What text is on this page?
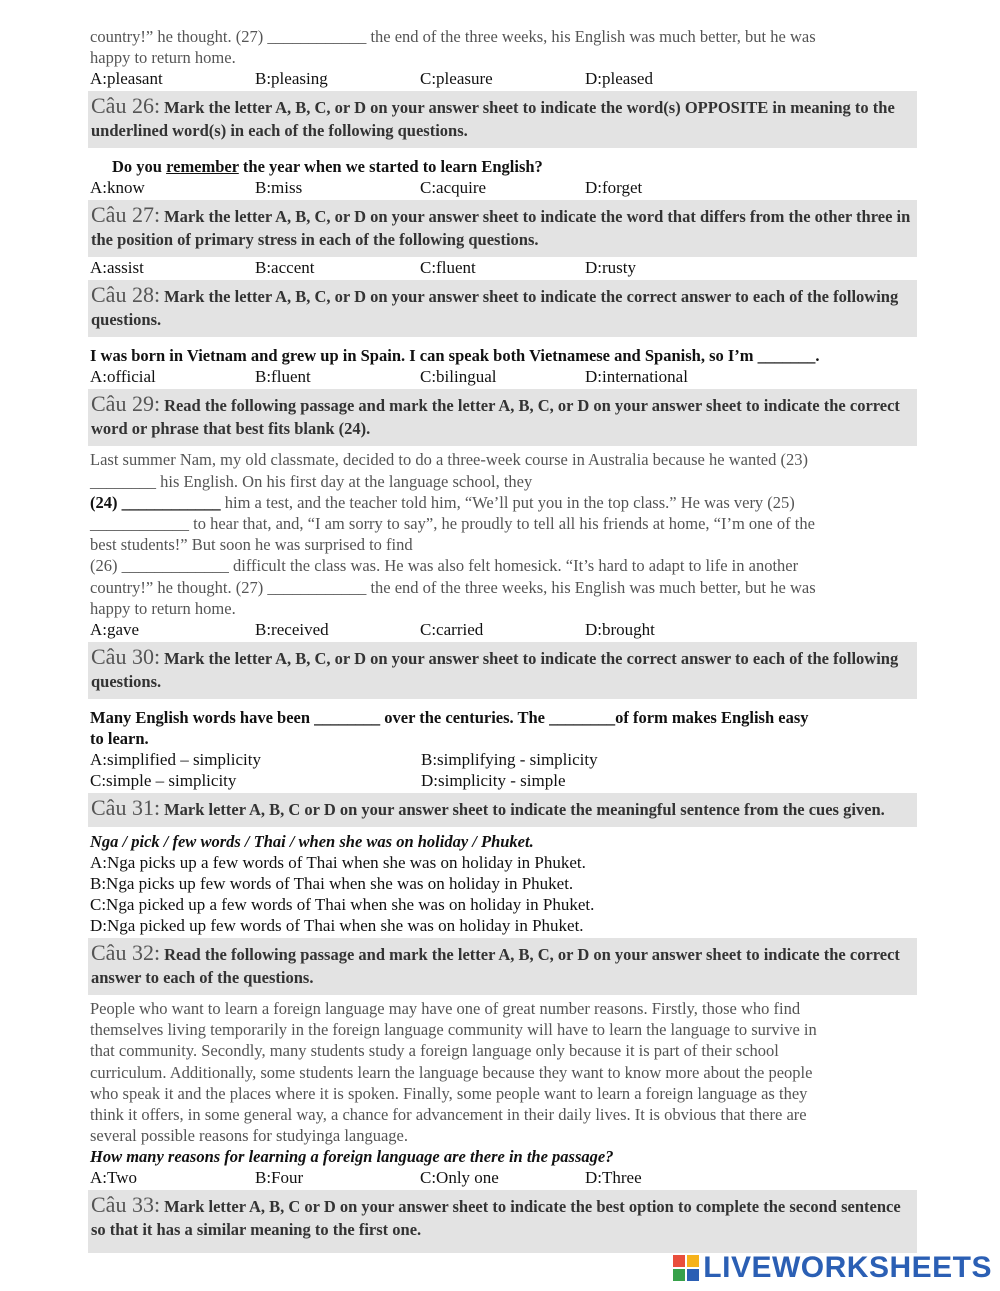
country!” he thought. (27) ____________ the end of the three weeks, his English was much better, but he was
happy to return home.
A:pleasant	B:pleasing	C:pleasure	D:pleased
Câu 26: Mark the letter A, B, C, or D on your answer sheet to indicate the word(s) OPPOSITE in meaning to the underlined word(s) in each of the following questions.
Do you remember the year when we started to learn English?
A:know	B:miss	C:acquire	D:forget
Câu 27: Mark the letter A, B, C, or D on your answer sheet to indicate the word that differs from the other three in the position of primary stress in each of the following questions.
A:assist	B:accent	C:fluent	D:rusty
Câu 28: Mark the letter A, B, C, or D on your answer sheet to indicate the correct answer to each of the following questions.
I was born in Vietnam and grew up in Spain. I can speak both Vietnamese and Spanish, so I’m _______.
A:official	B:fluent	C:bilingual	D:international
Câu 29: Read the following passage and mark the letter A, B, C, or D on your answer sheet to indicate the correct word or phrase that best fits blank (24).
Last summer Nam, my old classmate, decided to do a three-week course in Australia because he wanted (23)
________ his English. On his first day at the language school, they
(24) ____________ him a test, and the teacher told him, “We’ll put you in the top class.” He was very (25)
____________ to hear that, and, “I am sorry to say”, he proudly to tell all his friends at home, “I’m one of the
best students!” But soon he was surprised to find
(26) _____________ difficult the class was. He was also felt homesick. “It’s hard to adapt to life in another
country!” he thought. (27) ____________ the end of the three weeks, his English was much better, but he was
happy to return home.
A:gave	B:received	C:carried	D:brought
Câu 30: Mark the letter A, B, C, or D on your answer sheet to indicate the correct answer to each of the following questions.
Many English words have been ________ over the centuries. The ________of form makes English easy
to learn.
A:simplified – simplicity	B:simplifying - simplicity
C:simple – simplicity	D:simplicity - simple
Câu 31: Mark letter A, B, C or D on your answer sheet to indicate the meaningful sentence from the cues given.
Nga / pick / few words / Thai / when she was on holiday / Phuket.
A:Nga picks up a few words of Thai when she was on holiday in Phuket.
B:Nga picks up few words of Thai when she was on holiday in Phuket.
C:Nga picked up a few words of Thai when she was on holiday in Phuket.
D:Nga picked up few words of Thai when she was on holiday in Phuket.
Câu 32: Read the following passage and mark the letter A, B, C, or D on your answer sheet to indicate the correct answer to each of the questions.
People who want to learn a foreign language may have one of great number reasons. Firstly, those who find
themselves living temporarily in the foreign language community will have to learn the language to survive in
that community. Secondly, many students study a foreign language only because it is part of their school
curriculum. Additionally, some students learn the language because they want to know more about the people
who speak it and the places where it is spoken. Finally, some people want to learn a foreign language as they
think it offers, in some general way, a chance for advancement in their daily lives. It is obvious that there are
several possible reasons for studyinga language.
How many reasons for learning a foreign language are there in the passage?
A:Two	B:Four	C:Only one	D:Three
Câu 33: Mark letter A, B, C or D on your answer sheet to indicate the best option to complete the second sentence so that it has a similar meaning to the first one.
LIVEWORKSHEETS
